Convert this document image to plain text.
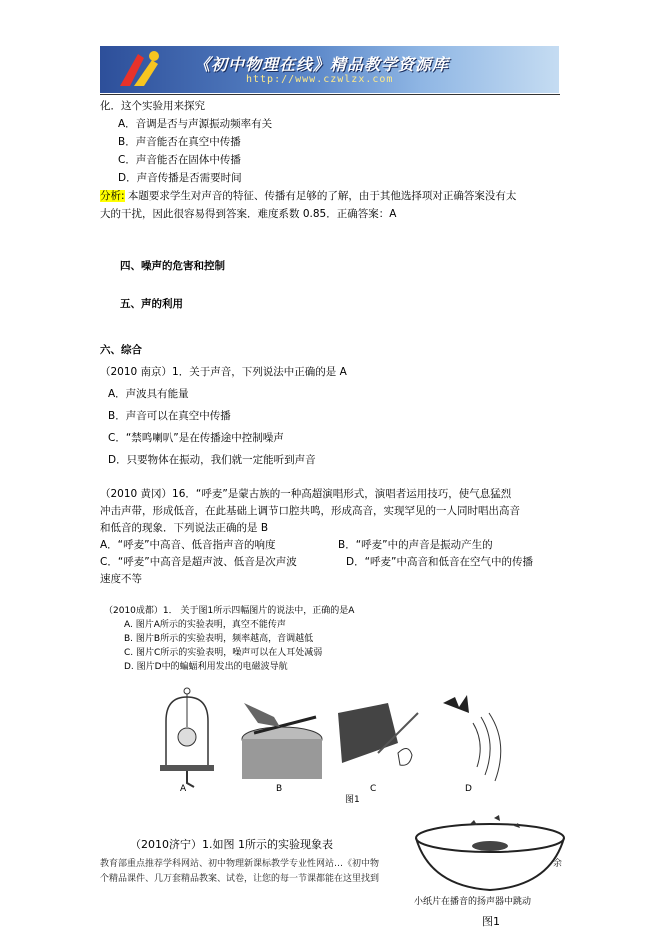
《初中物理在线》精品教学资源库
http://www.czwlzx.com
化．这个实验用来探究
A．音调是否与声源振动频率有关
B．声音能否在真空中传播
C．声音能否在固体中传播
D．声音传播是否需要时间
分析: 本题要求学生对声音的特征、传播有足够的了解，由于其他选择项对正确答案没有太
大的干扰，因此很容易得到答案．难度系数 0.85．正确答案：A
四、噪声的危害和控制
五、声的利用
六、综合
（2010 南京）1．关于声音，下列说法中正确的是 A
A．声波具有能量
B．声音可以在真空中传播
C．“禁鸣喇叭”是在传播途中控制噪声
D．只要物体在振动，我们就一定能听到声音
（2010 黄冈）16．“呼麦”是蒙古族的一种高超演唱形式，演唱者运用技巧，使气息猛烈
冲击声带，形成低音，在此基础上调节口腔共鸣，形成高音，实现罕见的一人同时唱出高音
和低音的现象．下列说法正确的是 B
A．“呼麦”中高音、低音指声音的响度	B．“呼麦”中的声音是振动产生的
C．“呼麦”中高音是超声波、低音是次声波	D．“呼麦”中高音和低音在空气中的传播
速度不等
（2010成都）1． 关于图1所示四幅图片的说法中，正确的是A
A. 图片A所示的实验表明，真空不能传声
B. 图片B所示的实验表明，频率越高，音调越低
C. 图片C所示的实验表明，噪声可以在人耳处减弱
D. 图片D中的蝙蝠利用发出的电磁波导航
A	B	C	D
图1
（2010济宁）1.如图 1所示的实验现象表
教育部重点推荐学科网站、初中物理新课标教学专业性网站…《初中物	余
个精品课件、几万套精品教案、试卷，让您的每一节课都能在这里找到
小纸片在播音的扬声器中跳动
图1
